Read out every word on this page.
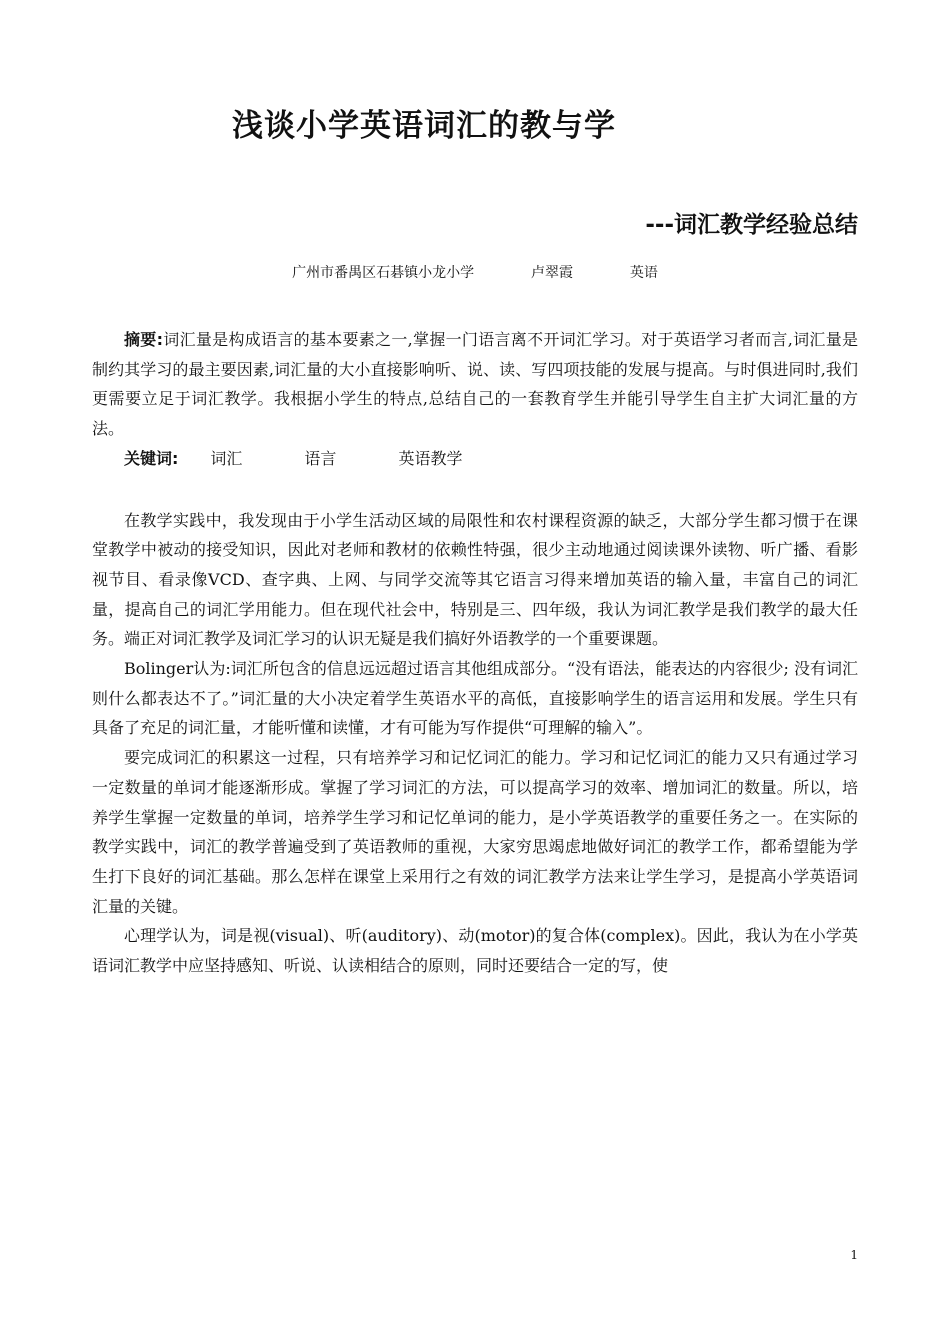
浅谈小学英语词汇的教与学
---词汇教学经验总结
广州市番禺区石碁镇小龙小学	卢翠霞	英语

摘要:词汇量是构成语言的基本要素之一,掌握一门语言离不开词汇学习。对于英语学习者而言,词汇量是制约其学习的最主要因素,词汇量的大小直接影响听、说、读、写四项技能的发展与提高。与时俱进同时,我们更需要立足于词汇教学。我根据小学生的特点,总结自己的一套教育学生并能引导学生自主扩大词汇量的方法。

关键词: 词汇	语言	英语教学

在教学实践中，我发现由于小学生活动区域的局限性和农村课程资源的缺乏，大部分学生都习惯于在课堂教学中被动的接受知识，因此对老师和教材的依赖性特强，很少主动地通过阅读课外读物、听广播、看影视节目、看录像VCD、查字典、上网、与同学交流等其它语言习得来增加英语的输入量，丰富自己的词汇量，提高自己的词汇学用能力。但在现代社会中，特别是三、四年级，我认为词汇教学是我们教学的最大任务。端正对词汇教学及词汇学习的认识无疑是我们搞好外语教学的一个重要课题。

Bolinger认为:词汇所包含的信息远远超过语言其他组成部分。“没有语法，能表达的内容很少; 没有词汇则什么都表达不了。”词汇量的大小决定着学生英语水平的高低，直接影响学生的语言运用和发展。学生只有具备了充足的词汇量，才能听懂和读懂，才有可能为写作提供“可理解的输入”。

要完成词汇的积累这一过程，只有培养学习和记忆词汇的能力。学习和记忆词汇的能力又只有通过学习一定数量的单词才能逐渐形成。掌握了学习词汇的方法，可以提高学习的效率、增加词汇的数量。所以，培养学生掌握一定数量的单词，培养学生学习和记忆单词的能力，是小学英语教学的重要任务之一。在实际的教学实践中，词汇的教学普遍受到了英语教师的重视，大家穷思竭虑地做好词汇的教学工作，都希望能为学生打下良好的词汇基础。那么怎样在课堂上采用行之有效的词汇教学方法来让学生学习，是提高小学英语词汇量的关键。

心理学认为，词是视(visual)、听(auditory)、动(motor)的复合体(complex)。因此，我认为在小学英语词汇教学中应坚持感知、听说、认读相结合的原则，同时还要结合一定的写，使

1
